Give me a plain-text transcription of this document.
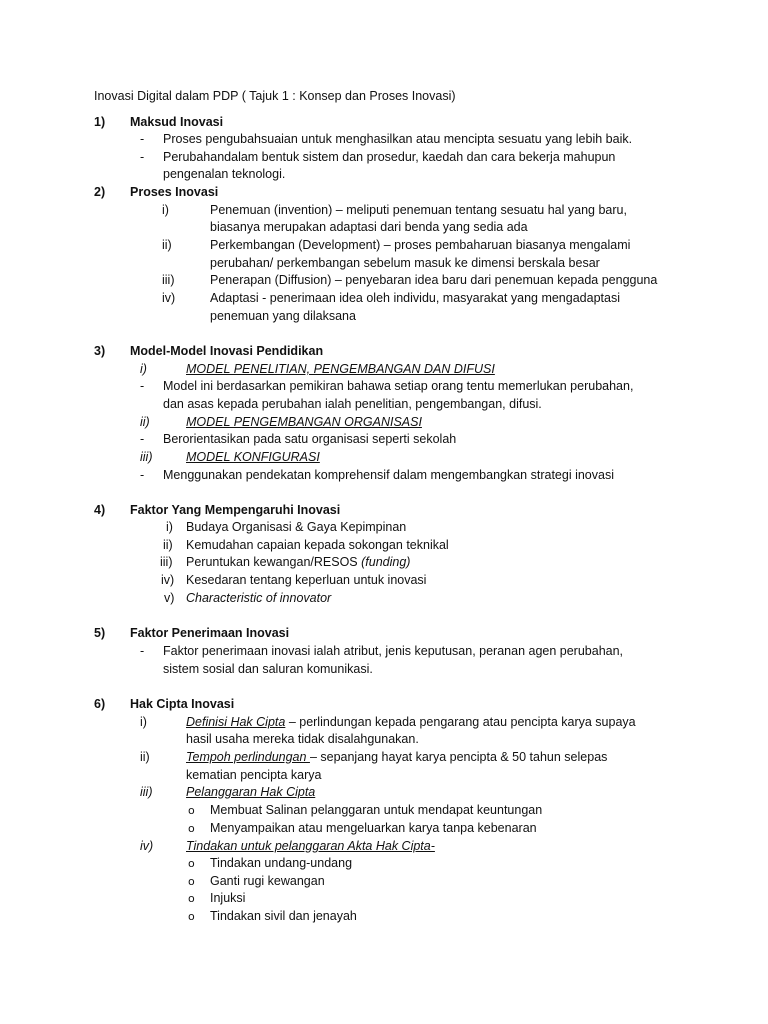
Inovasi Digital dalam PDP ( Tajuk 1 : Konsep dan Proses Inovasi)
1) Maksud Inovasi
- Proses pengubahsuaian untuk menghasilkan atau mencipta sesuatu yang lebih baik.
- Perubahandalam bentuk sistem dan prosedur, kaedah dan cara bekerja mahupun
pengenalan teknologi.
2) Proses Inovasi
i)	Penemuan (invention) – meliputi penemuan tentang sesuatu hal yang baru,
biasanya merupakan adaptasi dari benda yang sedia ada
ii)	Perkembangan (Development) – proses pembaharuan biasanya mengalami
perubahan/ perkembangan sebelum masuk ke dimensi berskala besar
iii)	Penerapan (Diffusion) – penyebaran idea baru dari penemuan kepada pengguna
iv)	Adaptasi - penerimaan idea oleh individu, masyarakat yang mengadaptasi
penemuan yang dilaksana
3) Model-Model Inovasi Pendidikan
i)	MODEL PENELITIAN, PENGEMBANGAN DAN DIFUSI
- Model ini berdasarkan pemikiran bahawa setiap orang tentu memerlukan perubahan,
dan asas kepada perubahan ialah penelitian, pengembangan, difusi.
ii)	MODEL PENGEMBANGAN ORGANISASI
- Berorientasikan pada satu organisasi seperti sekolah
iii)	MODEL KONFIGURASI
- Menggunakan pendekatan komprehensif dalam mengembangkan strategi inovasi
4) Faktor Yang Mempengaruhi Inovasi
i) Budaya Organisasi & Gaya Kepimpinan
ii) Kemudahan capaian kepada sokongan teknikal
iii) Peruntukan kewangan/RESOS (funding)
iv) Kesedaran tentang keperluan untuk inovasi
v) Characteristic of innovator
5) Faktor Penerimaan Inovasi
- Faktor penerimaan inovasi ialah atribut, jenis keputusan, peranan agen perubahan,
sistem sosial dan saluran komunikasi.
6) Hak Cipta Inovasi
i)	Definisi Hak Cipta – perlindungan kepada pengarang atau pencipta karya supaya
hasil usaha mereka tidak disalahgunakan.
ii)	Tempoh perlindungan – sepanjang hayat karya pencipta & 50 tahun selepas
kematian pencipta karya
iii)	Pelanggaran Hak Cipta
o Membuat Salinan pelanggaran untuk mendapat keuntungan
o Menyampaikan atau mengeluarkan karya tanpa kebenaran
iv)	Tindakan untuk pelanggaran Akta Hak Cipta-
o Tindakan undang-undang
o Ganti rugi kewangan
o Injuksi
o Tindakan sivil dan jenayah
